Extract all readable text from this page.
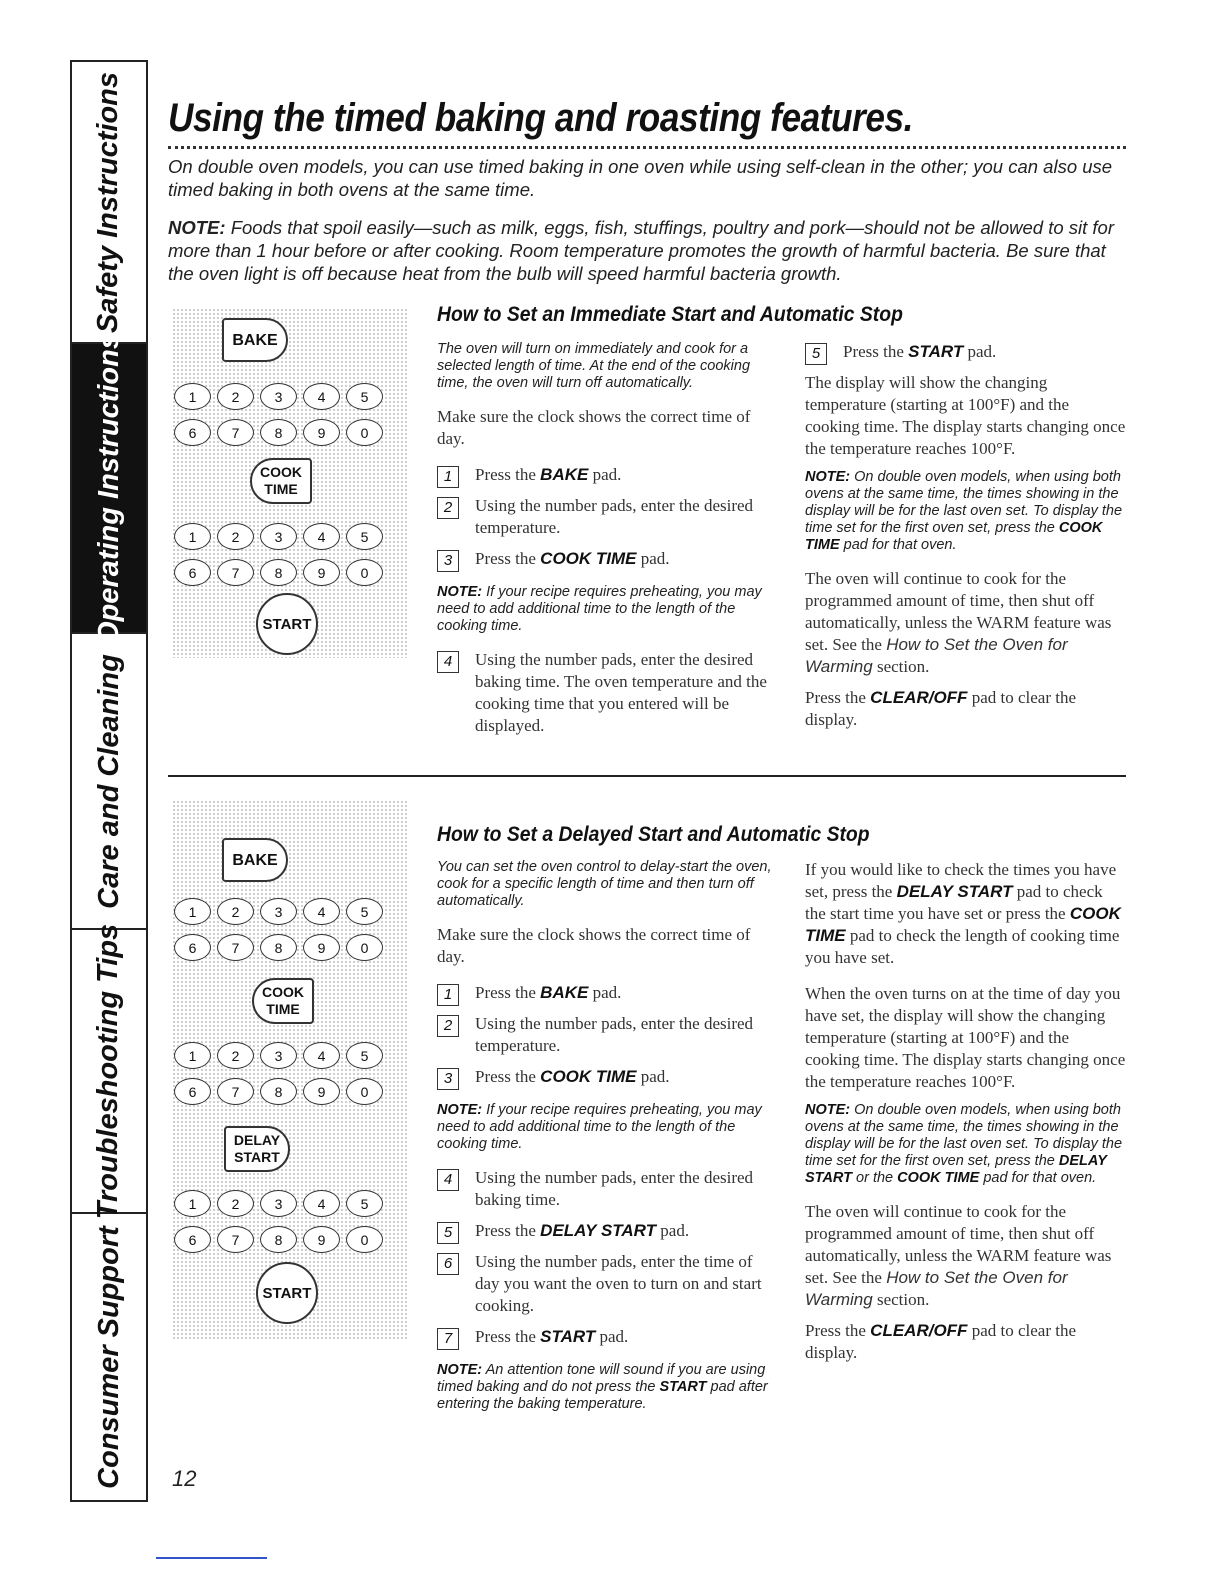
Safety Instructions
Operating Instructions
Care and Cleaning
Troubleshooting Tips
Consumer Support
Using the timed baking and roasting features.

On double oven models, you can use timed baking in one oven while using self-clean in the other; you can also use timed baking in both ovens at the same time.

NOTE: Foods that spoil easily—such as milk, eggs, fish, stuffings, poultry and pork—should not be allowed to sit for more than 1 hour before or after cooking. Room temperature promotes the growth of harmful bacteria. Be sure that the oven light is off because heat from the bulb will speed harmful bacteria growth.

BAKE
1	2	3	4	5
6	7	8	9	0
COOK
TIME
1	2	3	4	5
6	7	8	9	0
START
How to Set an Immediate Start and Automatic Stop

The oven will turn on immediately and cook for a selected length of time. At the end of the cooking time, the oven will turn off automatically.

Make sure the clock shows the correct time of day.

1	Press the BAKE pad.
2	Using the number pads, enter the desired temperature.
3	Press the COOK TIME pad.

NOTE: If your recipe requires preheating, you may need to add additional time to the length of the cooking time.

4	Using the number pads, enter the desired baking time. The oven temperature and the cooking time that you entered will be displayed.
5	Press the START pad.

The display will show the changing temperature (starting at 100°F) and the cooking time. The display starts changing once the temperature reaches 100°F.

NOTE: On double oven models, when using both ovens at the same time, the times showing in the display will be for the last oven set. To display the time set for the first oven set, press the COOK TIME pad for that oven.

The oven will continue to cook for the programmed amount of time, then shut off automatically, unless the WARM feature was set. See the How to Set the Oven for Warming section.

Press the CLEAR/OFF pad to clear the display.

BAKE
1	2	3	4	5
6	7	8	9	0
COOK
TIME
1	2	3	4	5
6	7	8	9	0
DELAY
START
1	2	3	4	5
6	7	8	9	0
START
How to Set a Delayed Start and Automatic Stop

You can set the oven control to delay-start the oven, cook for a specific length of time and then turn off automatically.

Make sure the clock shows the correct time of day.

1	Press the BAKE pad.
2	Using the number pads, enter the desired temperature.
3	Press the COOK TIME pad.

NOTE: If your recipe requires preheating, you may need to add additional time to the length of the cooking time.

4	Using the number pads, enter the desired baking time.
5	Press the DELAY START pad.
6	Using the number pads, enter the time of day you want the oven to turn on and start cooking.
7	Press the START pad.

NOTE: An attention tone will sound if you are using timed baking and do not press the START pad after entering the baking temperature.

If you would like to check the times you have set, press the DELAY START pad to check the start time you have set or press the COOK TIME pad to check the length of cooking time you have set.

When the oven turns on at the time of day you have set, the display will show the changing temperature (starting at 100°F) and the cooking time. The display starts changing once the temperature reaches 100°F.

NOTE: On double oven models, when using both ovens at the same time, the times showing in the display will be for the last oven set. To display the time set for the first oven set, press the DELAY START or the COOK TIME pad for that oven.

The oven will continue to cook for the programmed amount of time, then shut off automatically, unless the WARM feature was set. See the How to Set the Oven for Warming section.

Press the CLEAR/OFF pad to clear the display.

12
